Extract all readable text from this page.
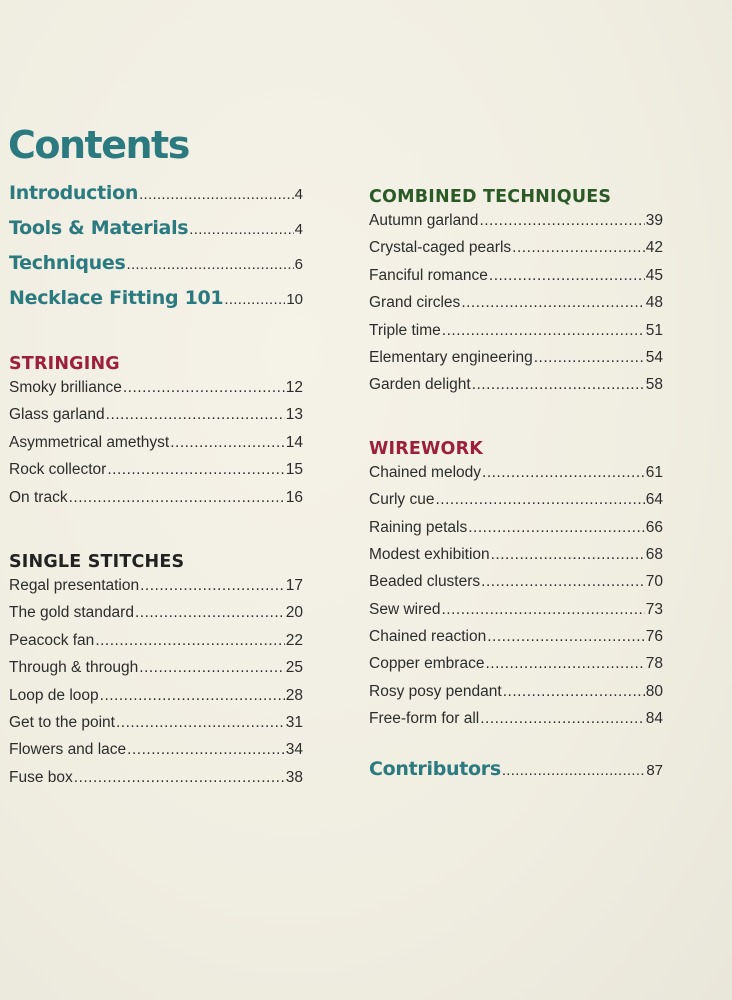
Contents
Introduction .....	4
Tools & Materials .....	4
Techniques .....	6
Necklace Fitting 101 .....	10
STRINGING
Smoky brilliance .....	12
Glass garland .....	13
Asymmetrical amethyst .....	14
Rock collector .....	15
On track .....	16
SINGLE STITCHES
Regal presentation .....	17
The gold standard .....	20
Peacock fan .....	22
Through & through .....	25
Loop de loop .....	28
Get to the point .....	31
Flowers and lace .....	34
Fuse box .....	38
COMBINED TECHNIQUES
Autumn garland .....	39
Crystal-caged pearls .....	42
Fanciful romance .....	45
Grand circles .....	48
Triple time .....	51
Elementary engineering .....	54
Garden delight .....	58
WIREWORK
Chained melody .....	61
Curly cue .....	64
Raining petals .....	66
Modest exhibition .....	68
Beaded clusters .....	70
Sew wired .....	73
Chained reaction .....	76
Copper embrace .....	78
Rosy posy pendant .....	80
Free-form for all .....	84
Contributors .....	87
